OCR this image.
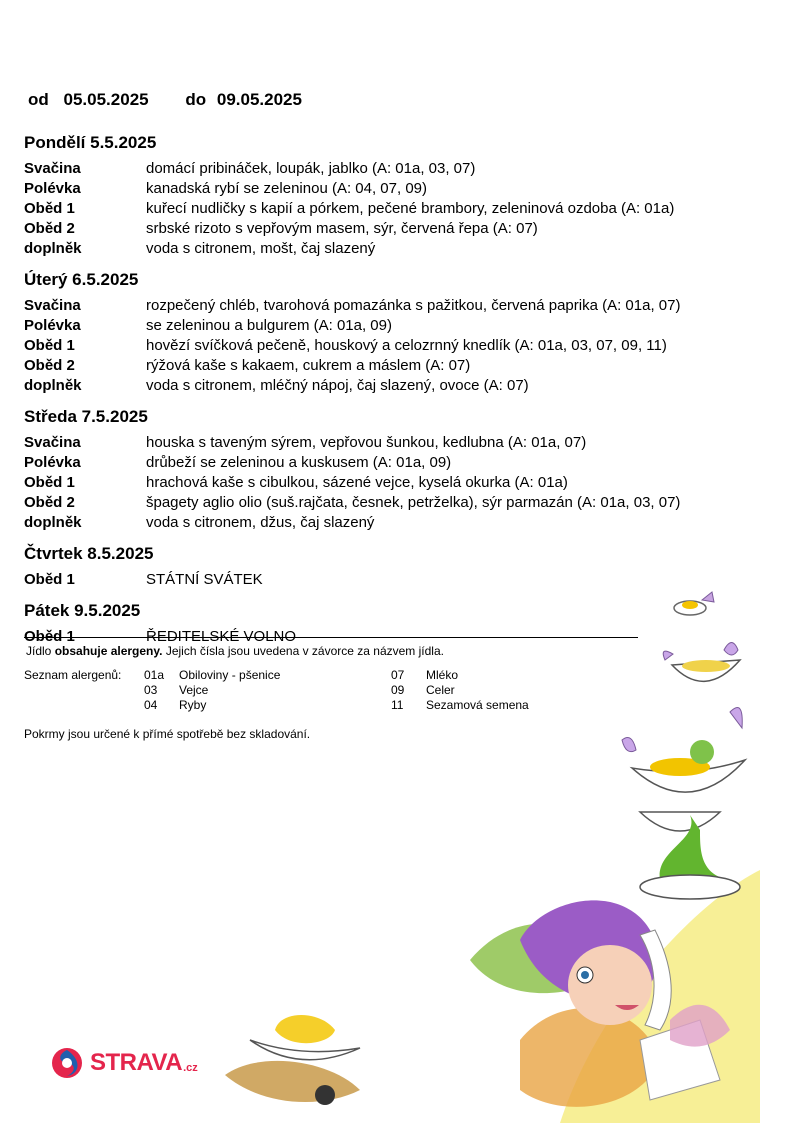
od 05.05.2025 do 09.05.2025
Pondělí 5.5.2025
Svačina	domácí pribináček, loupák, jablko (A: 01a, 03, 07)
Polévka	kanadská rybí se zeleninou (A: 04, 07, 09)
Oběd 1	kuřecí nudličky s kapií a pórkem, pečené brambory, zeleninová ozdoba (A: 01a)
Oběd 2	srbské rizoto s vepřovým masem, sýr, červená řepa (A: 07)
doplněk	voda s citronem, mošt, čaj slazený
Úterý 6.5.2025
Svačina	rozpečený chléb, tvarohová pomazánka s pažitkou, červená paprika (A: 01a, 07)
Polévka	se zeleninou a bulgurem (A: 01a, 09)
Oběd 1	hovězí svíčková pečeně, houskový a celozrnný knedlík (A: 01a, 03, 07, 09, 11)
Oběd 2	rýžová kaše s kakaem, cukrem a máslem (A: 07)
doplněk	voda s citronem, mléčný nápoj, čaj slazený, ovoce (A: 07)
Středa 7.5.2025
Svačina	houska s taveným sýrem, vepřovou šunkou, kedlubna (A: 01a, 07)
Polévka	drůbeží se zeleninou a kuskusem (A: 01a, 09)
Oběd 1	hrachová kaše s cibulkou, sázené vejce, kyselá okurka (A: 01a)
Oběd 2	špagety aglio olio (suš.rajčata, česnek, petrželka), sýr parmazán (A: 01a, 03, 07)
doplněk	voda s citronem, džus, čaj slazený
Čtvrtek 8.5.2025
Oběd 1	STÁTNÍ SVÁTEK
Pátek 9.5.2025
Oběd 1	ŘEDITELSKÉ VOLNO
Jídlo obsahuje alergeny. Jejich čísla jsou uvedena v závorce za názvem jídla.
Seznam alergenů:	01a	Obiloviny - pšenice
03	Vejce
04	Ryby
07	Mléko
09	Celer
11	Sezamová semena
Pokrmy jsou určené k přímé spotřebě bez skladování.
STRAVA .cz
